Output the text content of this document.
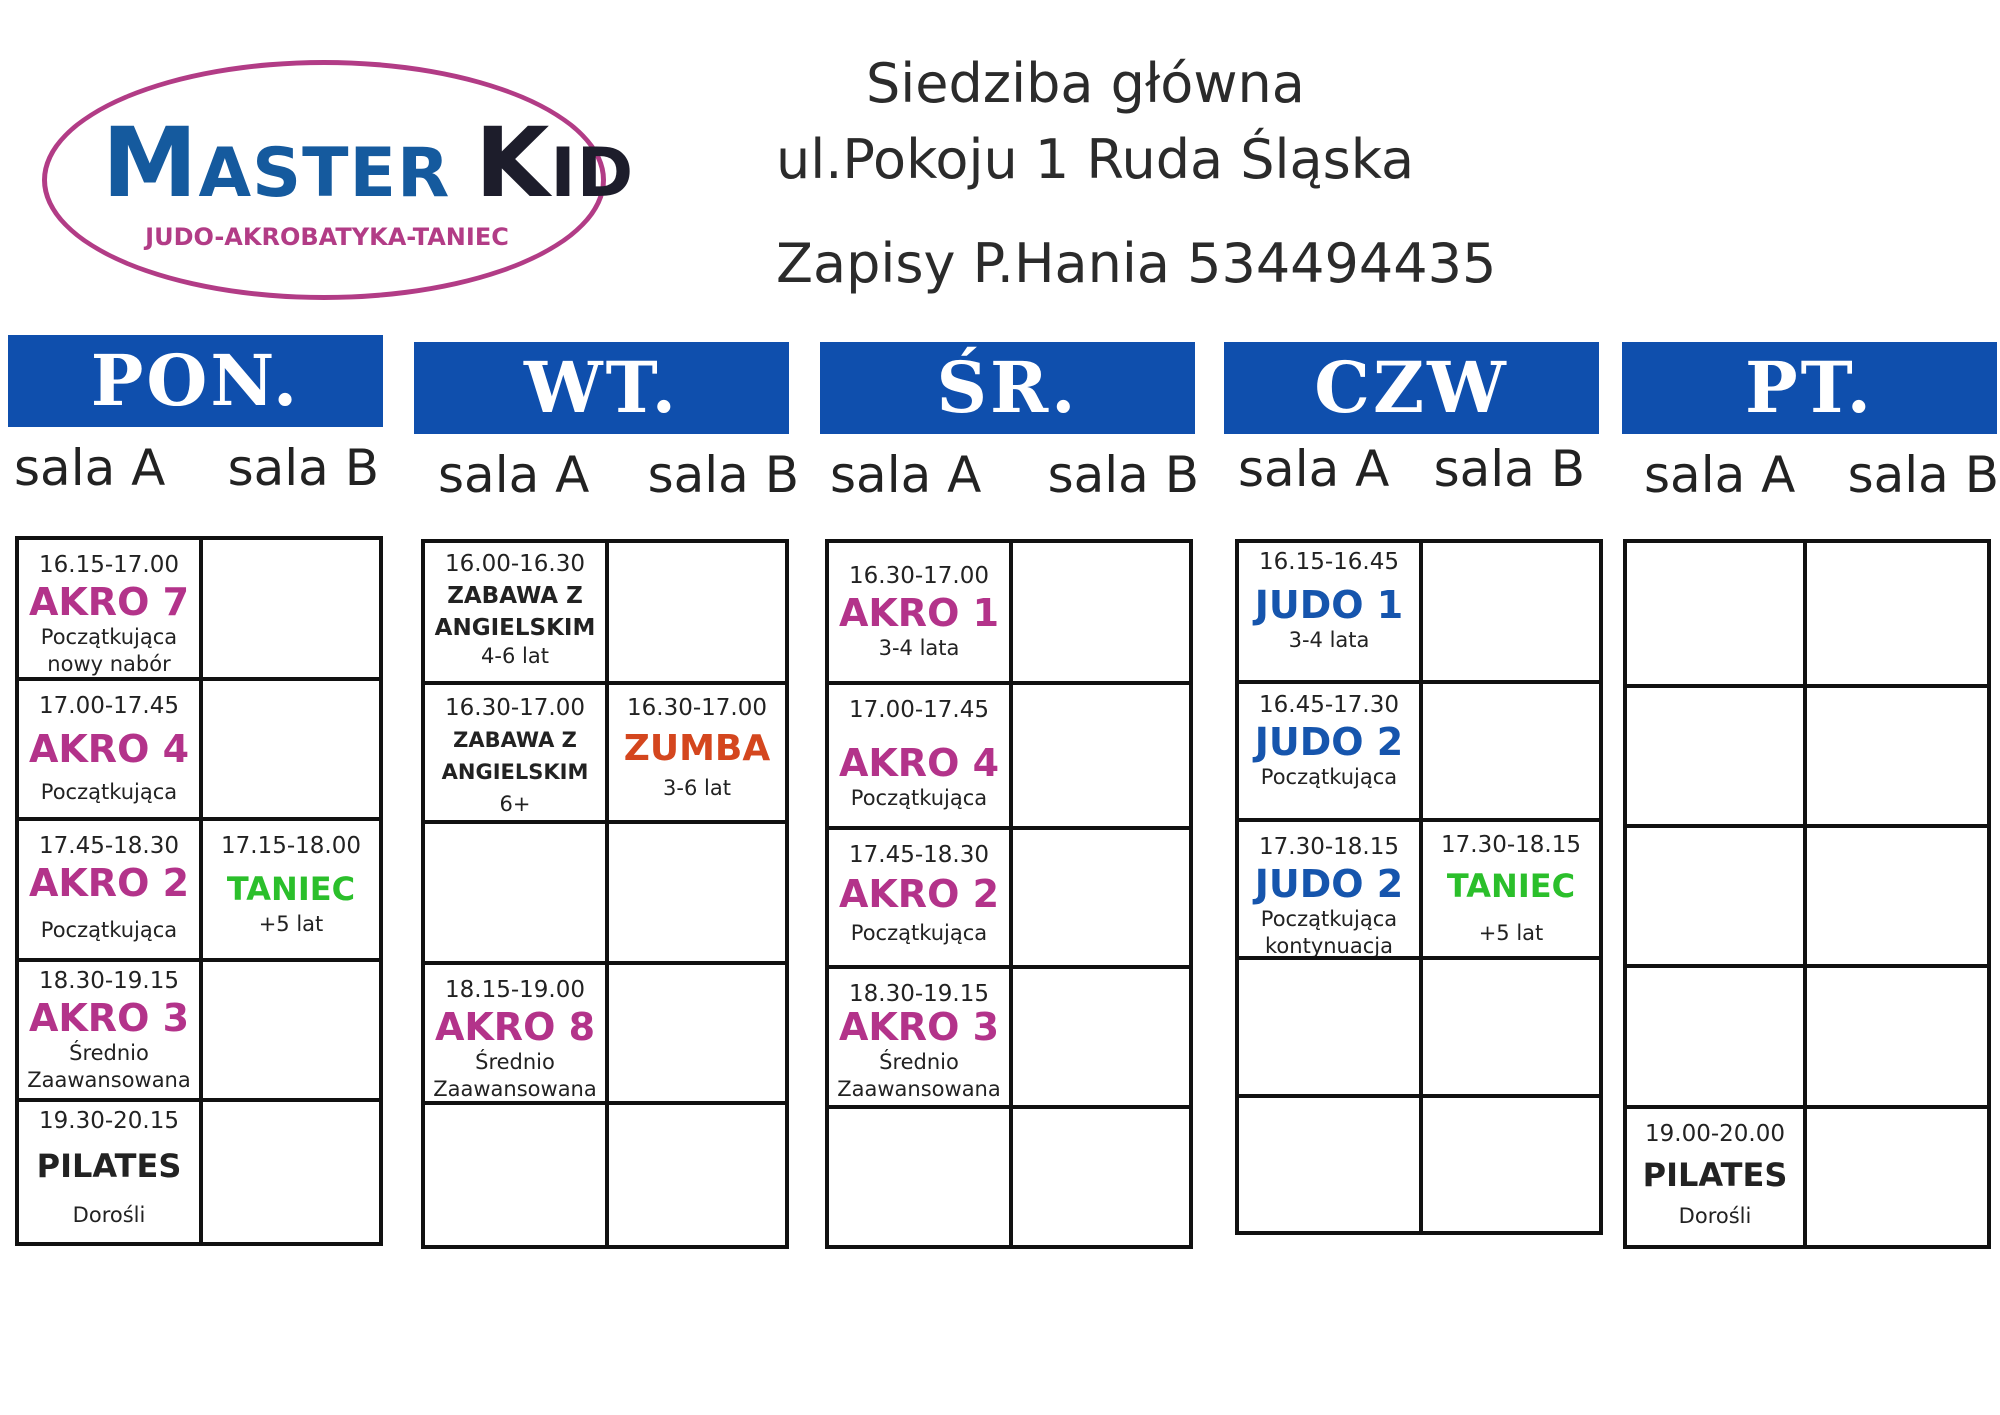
MASTER KID
JUDO-AKROBATYKA-TANIEC
Siedziba główna
ul.Pokoju 1 Ruda Śląska
Zapisy P.Hania 534494435
PON.
sala A sala B
16.15-17.00
AKRO 7
Początkująca
nowy nabór
17.00-17.45
AKRO 4
Początkująca
17.45-18.30
AKRO 2
Początkująca
17.15-18.00
TANIEC
+5 lat
18.30-19.15
AKRO 3
Średnio
Zaawansowana
19.30-20.15
PILATES
Dorośli
WT.
sala A sala B
16.00-16.30
ZABAWA Z
ANGIELSKIM
4-6 lat
16.30-17.00
ZABAWA Z
ANGIELSKIM
6+
16.30-17.00
ZUMBA
3-6 lat
18.15-19.00
AKRO 8
Średnio
Zaawansowana
ŚR.
sala A sala B
16.30-17.00
AKRO 1
3-4 lata
17.00-17.45
AKRO 4
Początkująca
17.45-18.30
AKRO 2
Początkująca
18.30-19.15
AKRO 3
Średnio
Zaawansowana
CZW
sala A sala B
16.15-16.45
JUDO 1
3-4 lata
16.45-17.30
JUDO 2
Początkująca
17.30-18.15
JUDO 2
Początkująca
kontynuacja
17.30-18.15
TANIEC
+5 lat
PT.
sala A sala B
19.00-20.00
PILATES
Dorośli
